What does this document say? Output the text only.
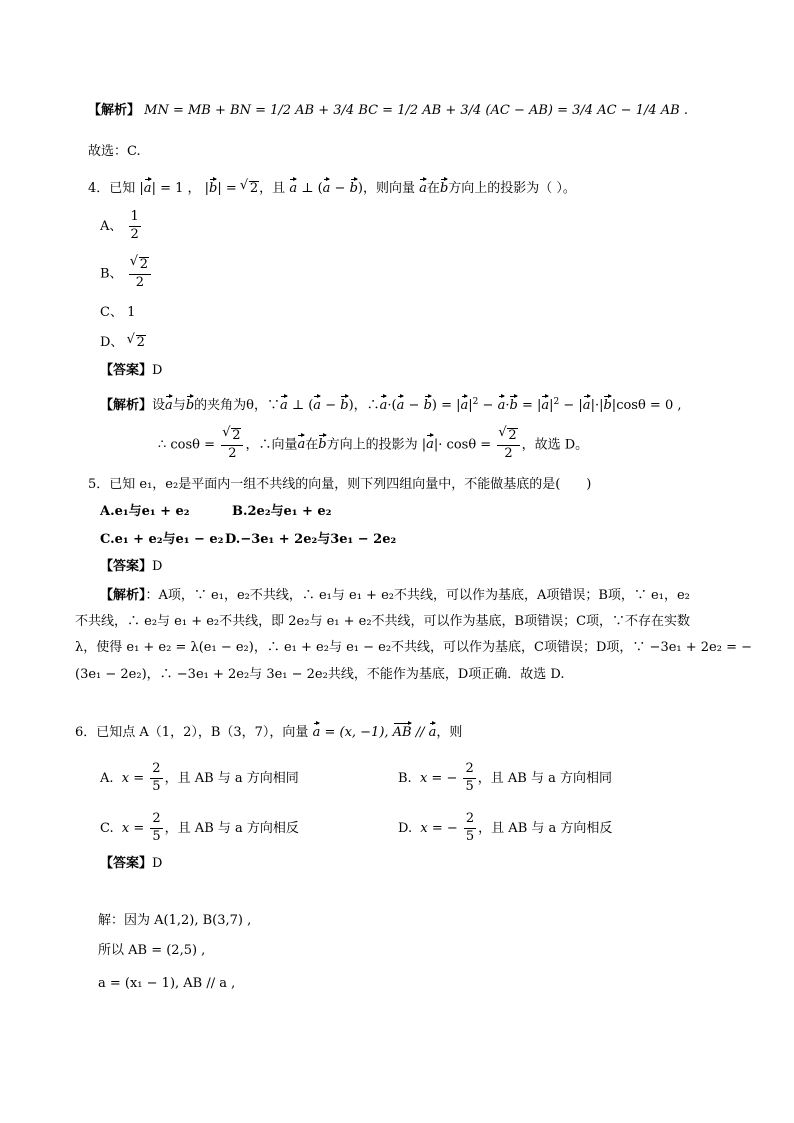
【解析】 MN = MB + BN = 1/2 AB + 3/4 BC = 1/2 AB + 3/4 (AC − AB) = 3/4 AC − 1/4 AB .
故选：C.
4．已知 |a| = 1 ， |b| = √ 2，且 a ⊥ (a − b)，则向量 a在b方向上的投影为（ ）。
A、 $\frac{1}{2}$
B、 √ $\frac{2}{2}$
C、 1
D、 √ 2
【答案】D
【解析】设a与b的夹角为θ，∵a ⊥ (a − b)，∴a·(a − $b) = |a|^2 - a\cdot b = |a|^2 - |a|\cdot|b|\cos\theta = 0$ ,
∴ cosθ = √ $\frac{2}{2}$ ，∴向量a在b方向上的投影为 |a|· cosθ = √ $\frac{2}{2}$ ，故选 D。
5．已知 e₁，e₂是平面内一组不共线的向量，则下列四组向量中，不能做基底的是(　　)
A.e₁与e₁ + e₂	B.2e₂与e₁ + e₂
C.e₁ + e₂与e₁ − e₂ D.−3e₁ + 2e₂与3e₁ − 2e₂
【答案】D
【解析】：A项，∵ e₁，e₂不共线，∴ e₁与 e₁ + e₂不共线，可以作为基底，A项错误；B项，∵ e₁，e₂
不共线，∴ e₂与 e₁ + e₂不共线，即 2e₂与 e₁ + e₂不共线，可以作为基底，B项错误；C项，∵不存在实数
λ，使得 e₁ + e₂ = λ(e₁ − e₂)，∴ e₁ + e₂与 e₁ − e₂不共线，可以作为基底，C项错误；D项，∵ −3e₁ + 2e₂ = −
(3e₁ − 2e₂)，∴ −3e₁ + 2e₂与 3e₁ − 2e₂共线，不能作为基底，D项正确．故选 D.
6．已知点 A（1，2），B（3，7），向量 a = (x, −1), AB // a，则
A. $x = \frac{2}{5}$ ，且 AB 与 a 方向相同	B. x = − $\frac{2}{5}$ ，且 AB 与 a 方向相同
C. $x = \frac{2}{5}$ ，且 AB 与 a 方向相反	D. x = − $\frac{2}{5}$ ，且 AB 与 a 方向相反
【答案】D
解：因为 A(1,2), B(3,7) ,
所以 AB = (2,5) ,
a = (x₁ − 1), AB // a ,
